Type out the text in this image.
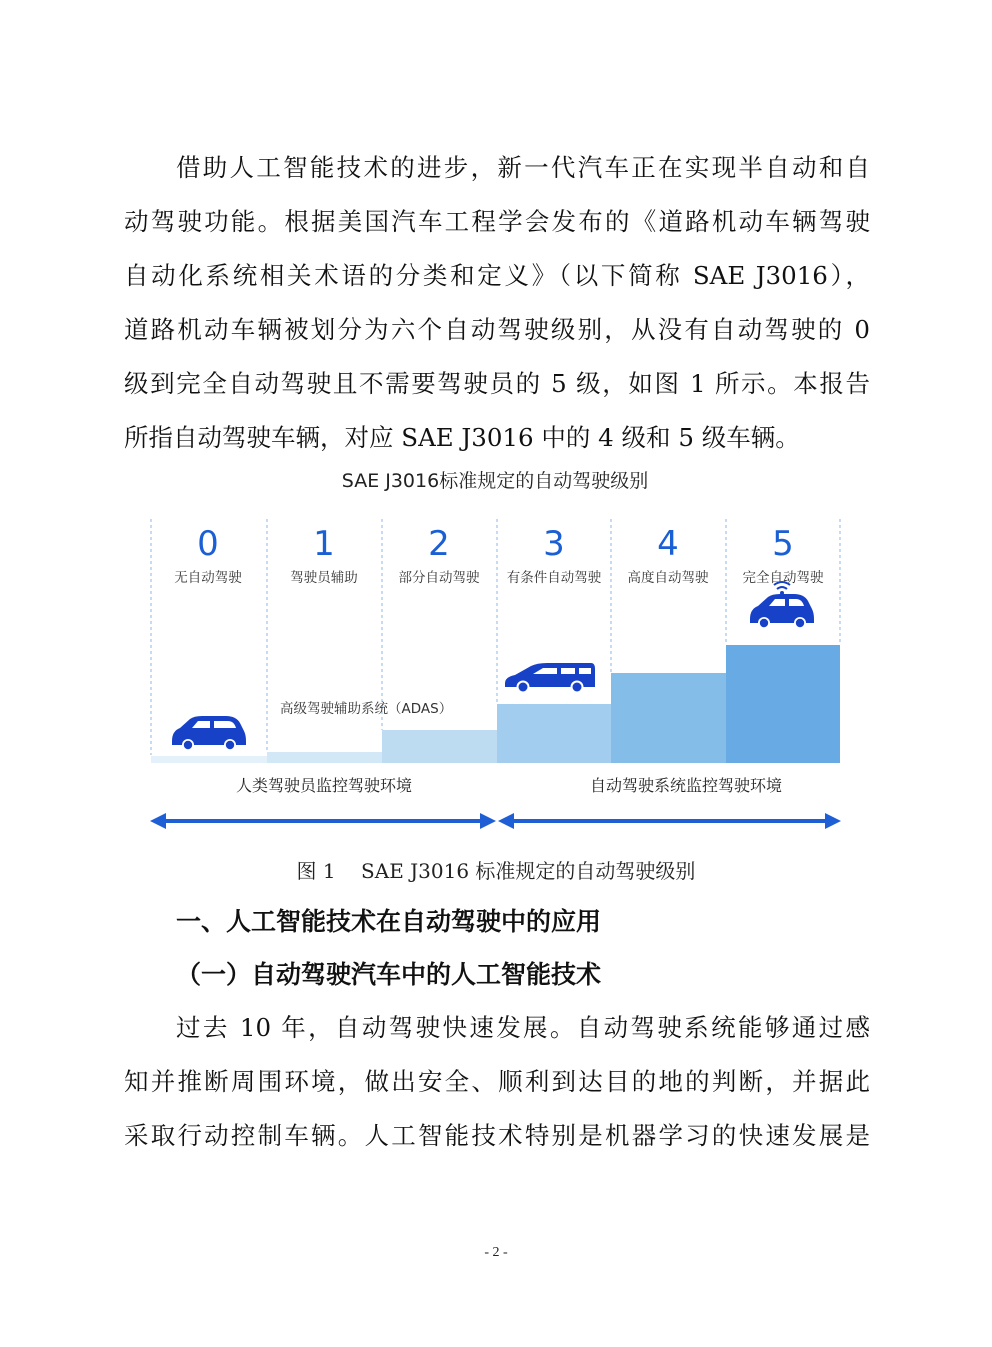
借助人工智能技术的进步，新一代汽车正在实现半自动和自
动驾驶功能。根据美国汽车工程学会发布的《道路机动车辆驾驶
自动化系统相关术语的分类和定义》（以下简称 SAE J3016），
道路机动车辆被划分为六个自动驾驶级别，从没有自动驾驶的 0
级到完全自动驾驶且不需要驾驶员的 5 级，如图 1 所示。本报告
所指自动驾驶车辆，对应 SAE J3016 中的 4 级和 5 级车辆。
SAE J3016标准规定的自动驾驶级别
0	1	2	3	4	5
无自动驾驶	驾驶员辅助	部分自动驾驶 有条件自动驾驶 高度自动驾驶	完全自动驾驶
高级驾驶辅助系统（ADAS）
人类驾驶员监控驾驶环境	自动驾驶系统监控驾驶环境
图 1    SAE J3016 标准规定的自动驾驶级别
一、人工智能技术在自动驾驶中的应用
（一）自动驾驶汽车中的人工智能技术
过去 10 年，自动驾驶快速发展。自动驾驶系统能够通过感
知并推断周围环境，做出安全、顺利到达目的地的判断，并据此
采取行动控制车辆。人工智能技术特别是机器学习的快速发展是
- 2 -
